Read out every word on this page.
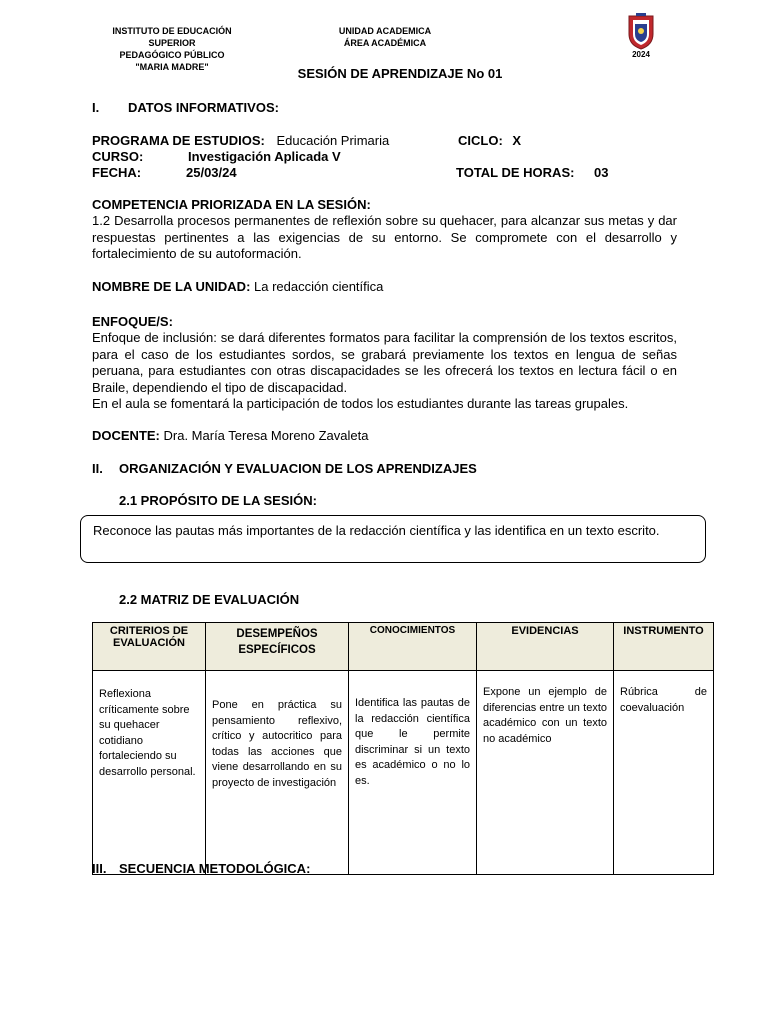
INSTITUTO DE EDUCACIÓN SUPERIOR
PEDAGÓGICO PÚBLICO
"MARIA MADRE"
UNIDAD ACADEMICA
ÁREA ACADÉMICA
2024
SESIÓN DE APRENDIZAJE No 01
I. DATOS INFORMATIVOS:
PROGRAMA DE ESTUDIOS: Educación Primaria	CICLO: X
CURSO:	Investigación Aplicada V
FECHA:	25/03/24	TOTAL DE HORAS: 03
COMPETENCIA PRIORIZADA EN LA SESIÓN:
1.2 Desarrolla procesos permanentes de reflexión sobre su quehacer, para alcanzar sus metas y dar respuestas pertinentes a las exigencias de su entorno. Se compromete con el desarrollo y fortalecimiento de su autoformación.
NOMBRE DE LA UNIDAD: La redacción científica
ENFOQUE/S:
Enfoque de inclusión: se dará diferentes formatos para facilitar la comprensión de los textos escritos, para el caso de los estudiantes sordos, se grabará previamente los textos en lengua de señas peruana, para estudiantes con otras discapacidades se les ofrecerá los textos en lectura fácil o en Braile, dependiendo el tipo de discapacidad.
En el aula se fomentará la participación de todos los estudiantes durante las tareas grupales.
DOCENTE: Dra. María Teresa Moreno Zavaleta
II. ORGANIZACIÓN Y EVALUACION DE LOS APRENDIZAJES
2.1 PROPÓSITO DE LA SESIÓN:
Reconoce las pautas más importantes de la redacción científica y las identifica en un texto escrito.
2.2 MATRIZ DE EVALUACIÓN
CRITERIOS DE EVALUACIÓN	DESEMPEÑOS ESPECÍFICOS	CONOCIMIENTOS	EVIDENCIAS	INSTRUMENTO
Reflexiona críticamente sobre su quehacer cotidiano fortaleciendo su desarrollo personal.	Pone en práctica su pensamiento reflexivo, crítico y autocritico para todas las acciones que viene desarrollando en su proyecto de investigación	Identifica las pautas de la redacción científica que le permite discriminar si un texto es académico o no lo es.	Expone un ejemplo de diferencias entre un texto académico con un texto no académico	Rúbrica de coevaluación
III. SECUENCIA METODOLÓGICA:
